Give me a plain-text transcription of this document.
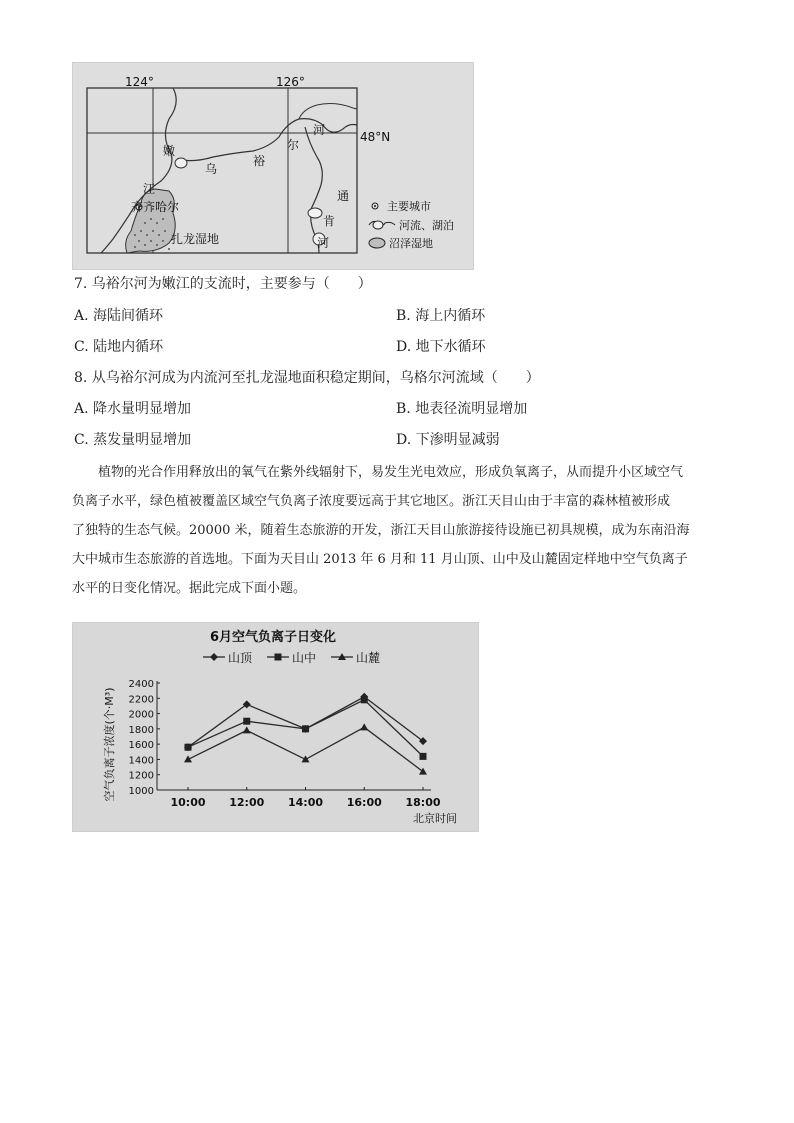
124°	126°
48°N
嫩
江
乌
裕
尔
河
通
肯
河
齐齐哈尔
扎龙湿地
主要城市
河流、湖泊
沼泽湿地
7. 乌裕尔河为嫩江的支流时，主要参与（　　）
A. 海陆间循环	B. 海上内循环
C. 陆地内循环	D. 地下水循环
8. 从乌裕尔河成为内流河至扎龙湿地面积稳定期间，乌格尔河流域（　　）
A. 降水量明显增加	B. 地表径流明显增加
C. 蒸发量明显增加	D. 下渗明显减弱
植物的光合作用释放出的氧气在紫外线辐射下，易发生光电效应，形成负氧离子，从而提升小区域空气
负离子水平，绿色植被覆盖区域空气负离子浓度要远高于其它地区。浙江天目山由于丰富的森林植被形成
了独特的生态气候。20000 米，随着生态旅游的开发，浙江天目山旅游接待设施已初具规模，成为东南沿海
大中城市生态旅游的首选地。下面为天目山 2013 年 6 月和 11 月山顶、山中及山麓固定样地中空气负离子
水平的日变化情况。据此完成下面小题。
6月空气负离子日变化
山顶	山中	山麓
1000
1200
1400
1600
1800
2000
2200
2400
10:00 12:00 14:00 16:00 18:00
北京时间
空气负离子浓度(个·M³)
